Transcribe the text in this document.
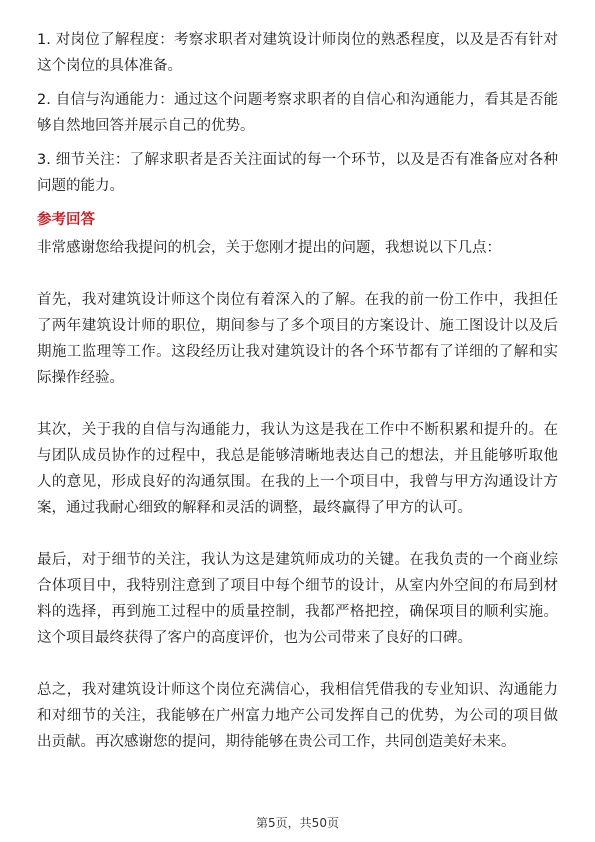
1. 对岗位了解程度：考察求职者对建筑设计师岗位的熟悉程度，以及是否有针对这个岗位的具体准备。
2. 自信与沟通能力：通过这个问题考察求职者的自信心和沟通能力，看其是否能够自然地回答并展示自己的优势。
3. 细节关注：了解求职者是否关注面试的每一个环节，以及是否有准备应对各种问题的能力。
参考回答
非常感谢您给我提问的机会，关于您刚才提出的问题，我想说以下几点：
首先，我对建筑设计师这个岗位有着深入的了解。在我的前一份工作中，我担任了两年建筑设计师的职位，期间参与了多个项目的方案设计、施工图设计以及后期施工监理等工作。这段经历让我对建筑设计的各个环节都有了详细的了解和实际操作经验。
其次，关于我的自信与沟通能力，我认为这是我在工作中不断积累和提升的。在与团队成员协作的过程中，我总是能够清晰地表达自己的想法，并且能够听取他人的意见，形成良好的沟通氛围。在我的上一个项目中，我曾与甲方沟通设计方案，通过我耐心细致的解释和灵活的调整，最终赢得了甲方的认可。
最后，对于细节的关注，我认为这是建筑师成功的关键。在我负责的一个商业综合体项目中，我特别注意到了项目中每个细节的设计，从室内外空间的布局到材料的选择，再到施工过程中的质量控制，我都严格把控，确保项目的顺利实施。这个项目最终获得了客户的高度评价，也为公司带来了良好的口碑。
总之，我对建筑设计师这个岗位充满信心，我相信凭借我的专业知识、沟通能力和对细节的关注，我能够在广州富力地产公司发挥自己的优势，为公司的项目做出贡献。再次感谢您的提问，期待能够在贵公司工作，共同创造美好未来。
第5页，共50页
